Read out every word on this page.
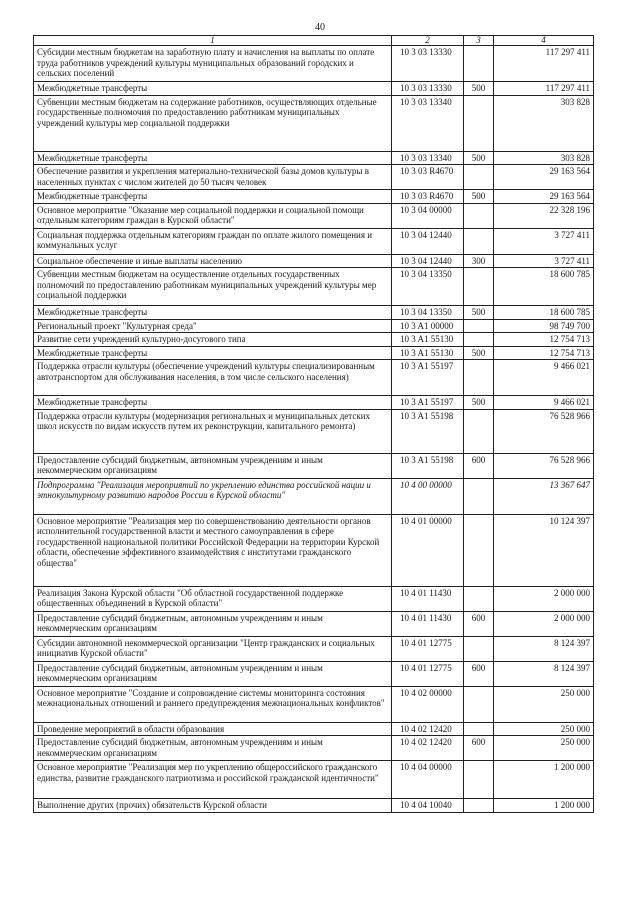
40
1	2	3	4
Субсидии местным бюджетам на заработную плату и начисления на выплаты по оплате труда работников учреждений культуры муниципальных образований городских и сельских поселений	10 3 03 13330		117 297 411
Межбюджетные трансферты	10 3 03 13330	500	117 297 411
Субвенции местным бюджетам на содержание работников, осуществляющих отдельные государственные полномочия по предоставлению работникам муниципальных учреждений культуры мер социальной поддержки	10 3 03 13340		303 828
Межбюджетные трансферты	10 3 03 13340	500	303 828
Обеспечение развития и укрепления материально-технической базы домов культуры в населенных пунктах с числом жителей до 50 тысяч человек	10 3 03 R4670		29 163 564
Межбюджетные трансферты	10 3 03 R4670	500	29 163 564
Основное мероприятие "Оказание мер социальной поддержки и социальной помощи отдельным категориям граждан в Курской области"	10 3 04 00000		22 328 196
Социальная поддержка отдельным категориям граждан по оплате жилого помещения и коммунальных услуг	10 3 04 12440		3 727 411
Социальное обеспечение и иные выплаты населению	10 3 04 12440	300	3 727 411
Субвенции местным бюджетам на осуществление отдельных государственных полномочий по предоставлению работникам муниципальных учреждений культуры мер социальной поддержки	10 3 04 13350		18 600 785
Межбюджетные трансферты	10 3 04 13350	500	18 600 785
Региональный проект "Культурная среда"	10 3 A1 00000		98 749 700
Развитие сети учреждений культурно-досугового типа	10 3 A1 55130		12 754 713
Межбюджетные трансферты	10 3 A1 55130	500	12 754 713
Поддержка отрасли культуры (обеспечение учреждений культуры специализированным автотранспортом для обслуживания населения, в том числе сельского населения)	10 3 A1 55197		9 466 021
Межбюджетные трансферты	10 3 A1 55197	500	9 466 021
Поддержка отрасли культуры (модернизация региональных и муниципальных детских школ искусств по видам искусств путем их реконструкции, капитального ремонта)	10 3 A1 55198		76 528 966
Предоставление субсидий бюджетным, автономным учреждениям и иным некоммерческим организациям	10 3 A1 55198	600	76 528 966
Подпрограмма "Реализация мероприятий по укреплению единства российской нации и этнокультурному развитию народов России в Курской области"	10 4 00 00000		13 367 647
Основное мероприятие "Реализация мер по совершенствованию деятельности органов исполнительной государственной власти и местного самоуправления в сфере государственной национальной политики Российской Федерации на территории Курской области, обеспечение эффективного взаимодействия с институтами гражданского общества"	10 4 01 00000		10 124 397
Реализация Закона Курской области "Об областной государственной поддержке общественных объединений в Курской области"	10 4 01 11430		2 000 000
Предоставление субсидий бюджетным, автономным учреждениям и иным некоммерческим организациям	10 4 01 11430	600	2 000 000
Субсидии автономной некоммерческой организации "Центр гражданских и социальных инициатив Курской области"	10 4 01 12775		8 124 397
Предоставление субсидий бюджетным, автономным учреждениям и иным некоммерческим организациям	10 4 01 12775	600	8 124 397
Основное мероприятие "Создание и сопровождение системы мониторинга состояния межнациональных отношений и раннего предупреждения межнациональных конфликтов"	10 4 02 00000		250 000
Проведение мероприятий в области образования	10 4 02 12420		250 000
Предоставление субсидий бюджетным, автономным учреждениям и иным некоммерческим организациям	10 4 02 12420	600	250 000
Основное мероприятие "Реализация мер по укреплению общероссийского гражданского единства, развитие гражданского патриотизма и российской гражданской идентичности"	10 4 04 00000		1 200 000
Выполнение других (прочих) обязательств Курской области	10 4 04 10040		1 200 000
